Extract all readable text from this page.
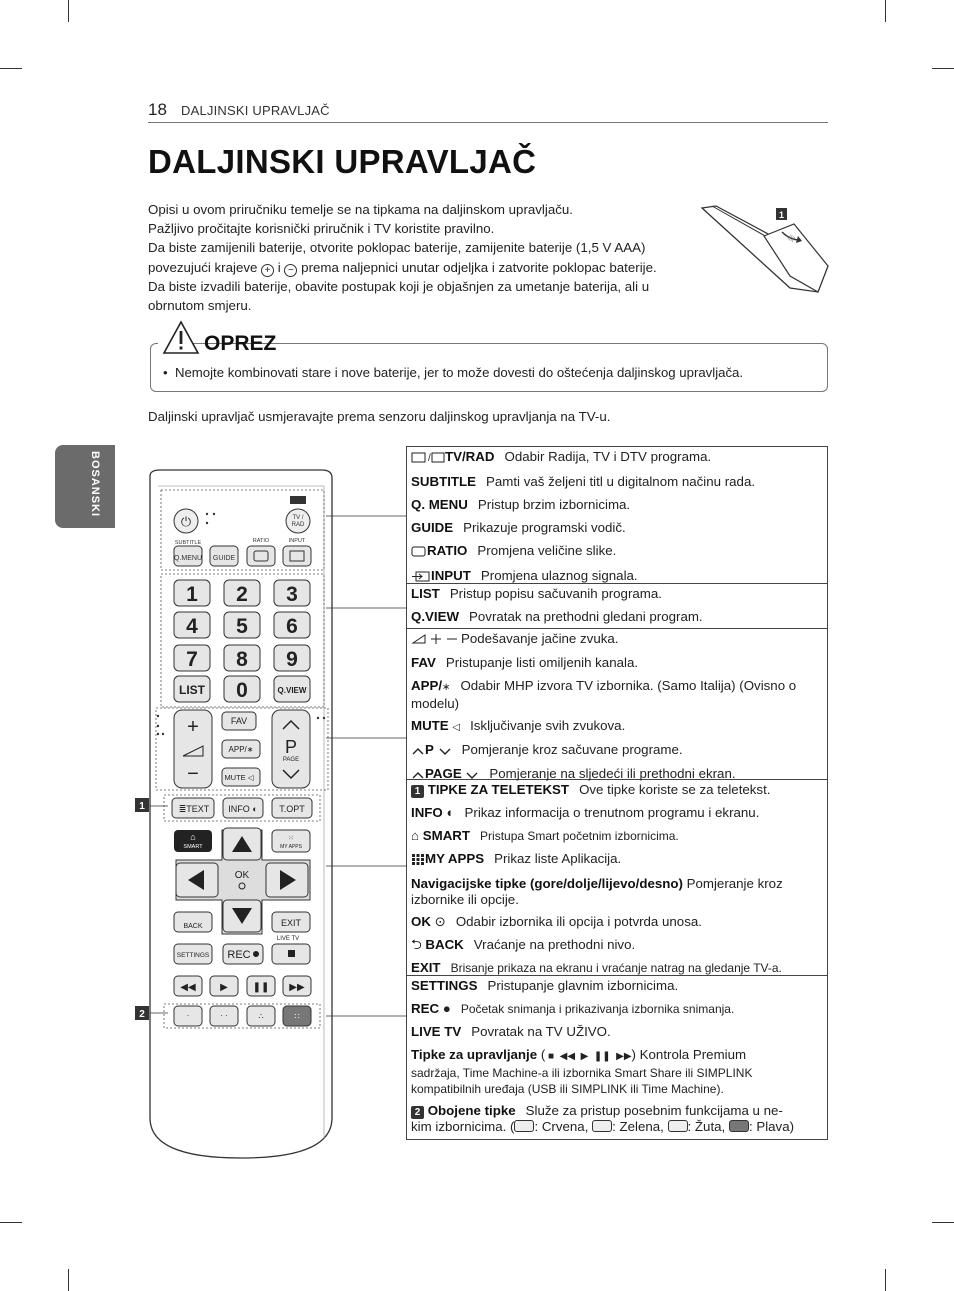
18 DALJINSKI UPRAVLJAČ
BOSANSKI
DALJINSKI UPRAVLJAČ

Opisi u ovom priručniku temelje se na tipkama na daljinskom upravljaču.

Pažljivo pročitajte korisnički priručnik i TV koristite pravilno.

Da biste zamijenili baterije, otvorite poklopac baterije, zamijenite baterije (1,5 V AAA)

povezujući krajeve + i − prema naljepnici unutar odjeljka i zatvorite poklopac baterije.

Da biste izvadili baterije, obavite postupak koji je objašnjen za umetanje baterija, ali u

obrnutom smjeru.

1
||||
OPREZ
•  Nemojte kombinovati stare i nove baterije, jer to može dovesti do oštećenja daljinskog upravljača.
Daljinski upravljač usmjeravajte prema senzoru daljinskog upravljanja na TV-u.
⏻	TV /
RAD
SUBTITLE	RATIO	INPUT
Q.MENU GUIDE
1 2 3
4 5 6
7 8 9
0
LIST	Q.VIEW
+
−
FAV
APP/∗
MUTE ◁
P
PAGE
≣TEXT INFO ◐ T.OPT
⌂
SMART
⁙
MY APPS
OK
BACK	EXIT
LIVE TV
SETTINGS REC
◀◀ ▶ ❚❚ ▶▶
·	· ·	∴	∷
1
2
/ TV/RAD Odabir Radija, TV i DTV programa.
SUBTITLE Pamti vaš željeni titl u digitalnom načinu rada.
Q. MENU Pristup brzim izbornicima.
GUIDE Prikazuje programski vodič.
RATIO Promjena veličine slike.
INPUT Promjena ulaznog signala.
LIST Pristup popisu sačuvanih programa.
Q.VIEW Povratak na prethodni gledani program.
Podešavanje jačine zvuka.
FAV Pristupanje listi omiljenih kanala.
APP/∗ Odabir MHP izvora TV izbornika. (Samo Italija) (Ovisno o
modelu)
MUTE ◁ Isključivanje svih zvukova.
P Pomjeranje kroz sačuvane programe.
PAGE Pomjeranje na sljedeći ili prethodni ekran.
1 TIPKE ZA TELETEKST Ove tipke koriste se za teletekst.
INFO ◐ Prikaz informacija o trenutnom programu i ekranu.
⌂ SMART Pristupa Smart početnim izbornicima.
MY APPS Prikaz liste Aplikacija.
Navigacijske tipke (gore/dolje/lijevo/desno) Pomjeranje kroz
izbornike ili opcije.
OK ⊙ Odabir izbornika ili opcija i potvrda unosa.
⮌ BACK Vraćanje na prethodni nivo.
EXIT Brisanje prikaza na ekranu i vraćanje natrag na gledanje TV-a.
SETTINGS Pristupanje glavnim izbornicima.
REC ● Početak snimanja i prikazivanja izbornika snimanja.
LIVE TV Povratak na TV UŽIVO.
Tipke za upravljanje ( ■  ◀◀  ▶  ❚❚  ▶▶) Kontrola Premium
sadržaja, Time Machine-a ili izbornika Smart Share ili SIMPLINK
kompatibilnih uređaja (USB ili SIMPLINK ili Time Machine).
2 Obojene tipke Služe za pristup posebnim funkcijama u ne-
kim izbornicima. ( : Crvena, : Zelena, : Žuta, : Plava)
